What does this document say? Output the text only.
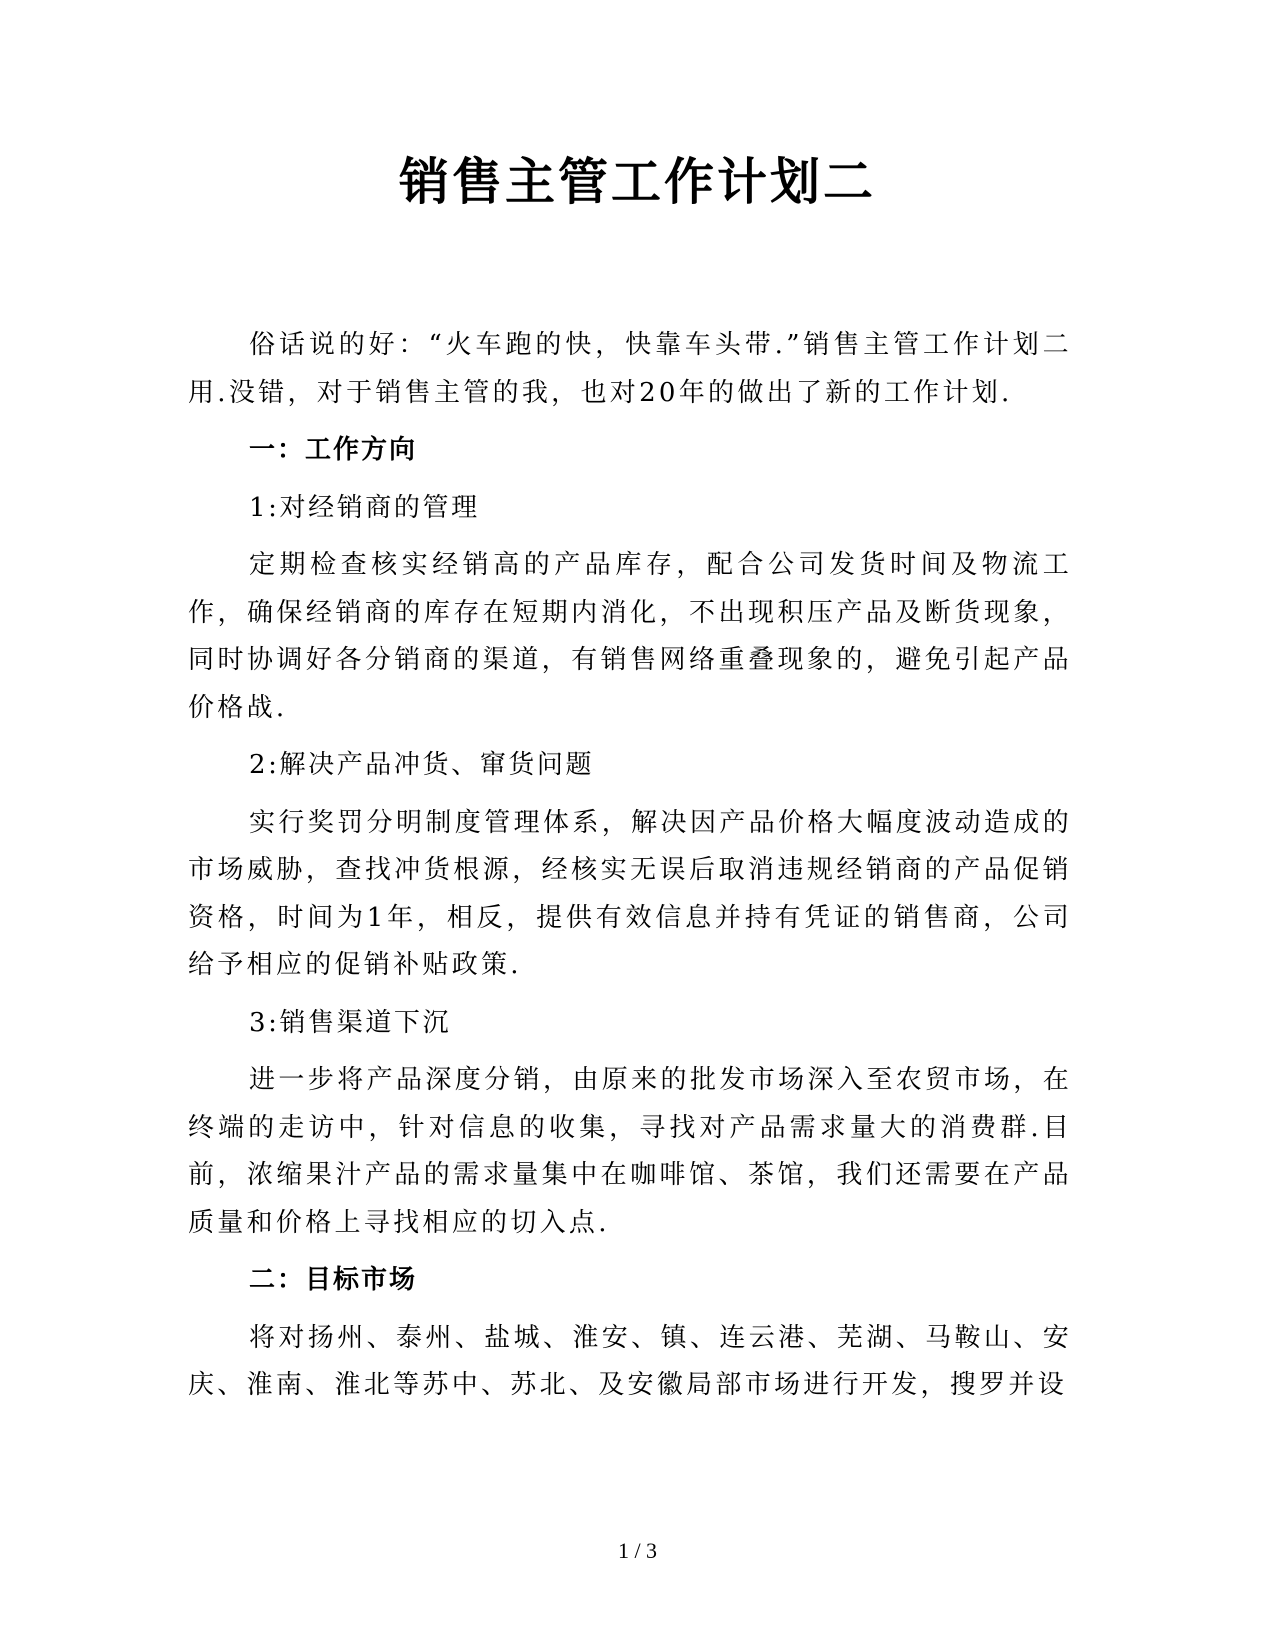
销售主管工作计划二

俗话说的好：“火车跑的快，快靠车头带.”销售主管工作计划二用.没错，对于销售主管的我，也对20年的做出了新的工作计划.

一：工作方向

1:对经销商的管理

定期检查核实经销高的产品库存，配合公司发货时间及物流工作，确保经销商的库存在短期内消化，不出现积压产品及断货现象，同时协调好各分销商的渠道，有销售网络重叠现象的，避免引起产品价格战.

2:解决产品冲货、窜货问题

实行奖罚分明制度管理体系，解决因产品价格大幅度波动造成的市场威胁，查找冲货根源，经核实无误后取消违规经销商的产品促销资格，时间为1年，相反，提供有效信息并持有凭证的销售商，公司给予相应的促销补贴政策.

3:销售渠道下沉

进一步将产品深度分销，由原来的批发市场深入至农贸市场，在终端的走访中，针对信息的收集，寻找对产品需求量大的消费群.目前，浓缩果汁产品的需求量集中在咖啡馆、茶馆，我们还需要在产品质量和价格上寻找相应的切入点.

二：目标市场

将对扬州、泰州、盐城、淮安、镇、连云港、芜湖、马鞍山、安庆、淮南、淮北等苏中、苏北、及安徽局部市场进行开发，搜罗并设

1 / 3
